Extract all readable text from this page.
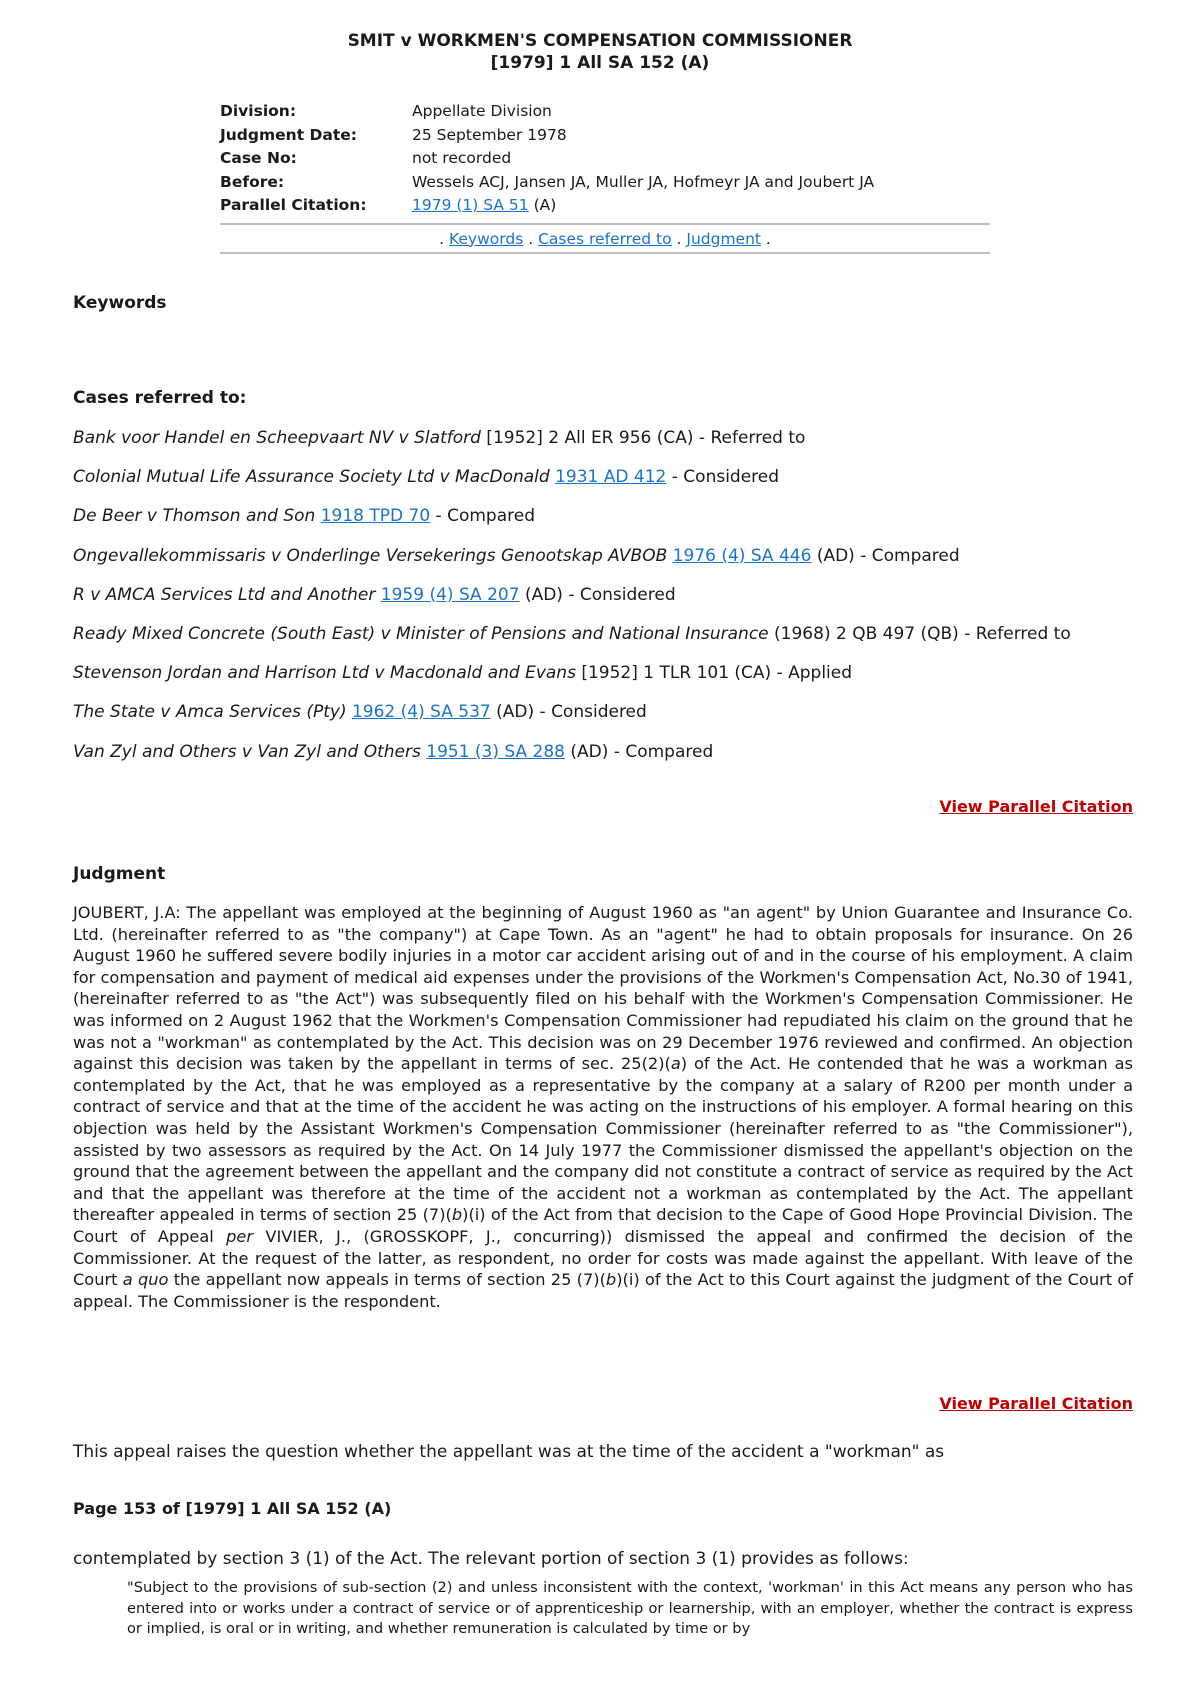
SMIT v WORKMEN'S COMPENSATION COMMISSIONER
[1979] 1 All SA 152 (A)
Division:	Appellate Division
Judgment Date:	25 September 1978
Case No:	not recorded
Before:	Wessels ACJ, Jansen JA, Muller JA, Hofmeyr JA and Joubert JA
Parallel Citation:	1979 (1) SA 51 (A)
. Keywords . Cases referred to . Judgment .
Keywords
Cases referred to:
Bank voor Handel en Scheepvaart NV v Slatford [1952] 2 All ER 956 (CA) - Referred to
Colonial Mutual Life Assurance Society Ltd v MacDonald 1931 AD 412 - Considered
De Beer v Thomson and Son 1918 TPD 70 - Compared
Ongevallekommissaris v Onderlinge Versekerings Genootskap AVBOB 1976 (4) SA 446 (AD) - Compared
R v AMCA Services Ltd and Another 1959 (4) SA 207 (AD) - Considered
Ready Mixed Concrete (South East) v Minister of Pensions and National Insurance (1968) 2 QB 497 (QB) - Referred to
Stevenson Jordan and Harrison Ltd v Macdonald and Evans [1952] 1 TLR 101 (CA) - Applied
The State v Amca Services (Pty) 1962 (4) SA 537 (AD) - Considered
Van Zyl and Others v Van Zyl and Others 1951 (3) SA 288 (AD) - Compared
View Parallel Citation
Judgment
JOUBERT, J.A: The appellant was employed at the beginning of August 1960 as "an agent" by Union Guarantee and Insurance Co. Ltd. (hereinafter referred to as "the company") at Cape Town. As an "agent" he had to obtain proposals for insurance. On 26 August 1960 he suffered severe bodily injuries in a motor car accident arising out of and in the course of his employment. A claim for compensation and payment of medical aid expenses under the provisions of the Workmen's Compensation Act, No.30 of 1941, (hereinafter referred to as "the Act") was subsequently filed on his behalf with the Workmen's Compensation Commissioner. He was informed on 2 August 1962 that the Workmen's Compensation Commissioner had repudiated his claim on the ground that he was not a "workman" as contemplated by the Act. This decision was on 29 December 1976 reviewed and confirmed. An objection against this decision was taken by the appellant in terms of sec. 25(2)(a) of the Act. He contended that he was a workman as contemplated by the Act, that he was employed as a representative by the company at a salary of R200 per month under a contract of service and that at the time of the accident he was acting on the instructions of his employer. A formal hearing on this objection was held by the Assistant Workmen's Compensation Commissioner (hereinafter referred to as "the Commissioner"), assisted by two assessors as required by the Act. On 14 July 1977 the Commissioner dismissed the appellant's objection on the ground that the agreement between the appellant and the company did not constitute a contract of service as required by the Act and that the appellant was therefore at the time of the accident not a workman as contemplated by the Act. The appellant thereafter appealed in terms of section 25 (7)(b)(i) of the Act from that decision to the Cape of Good Hope Provincial Division. The Court of Appeal per VIVIER, J., (GROSSKOPF, J., concurring)) dismissed the appeal and confirmed the decision of the Commissioner. At the request of the latter, as respondent, no order for costs was made against the appellant. With leave of the Court a quo the appellant now appeals in terms of section 25 (7)(b)(i) of the Act to this Court against the judgment of the Court of appeal. The Commissioner is the respondent.
View Parallel Citation
This appeal raises the question whether the appellant was at the time of the accident a "workman" as
Page 153 of [1979] 1 All SA 152 (A)
contemplated by section 3 (1) of the Act. The relevant portion of section 3 (1) provides as follows:
"Subject to the provisions of sub-section (2) and unless inconsistent with the context, 'workman' in this Act means any person who has entered into or works under a contract of service or of apprenticeship or learnership, with an employer, whether the contract is express or implied, is oral or in writing, and whether remuneration is calculated by time or by
